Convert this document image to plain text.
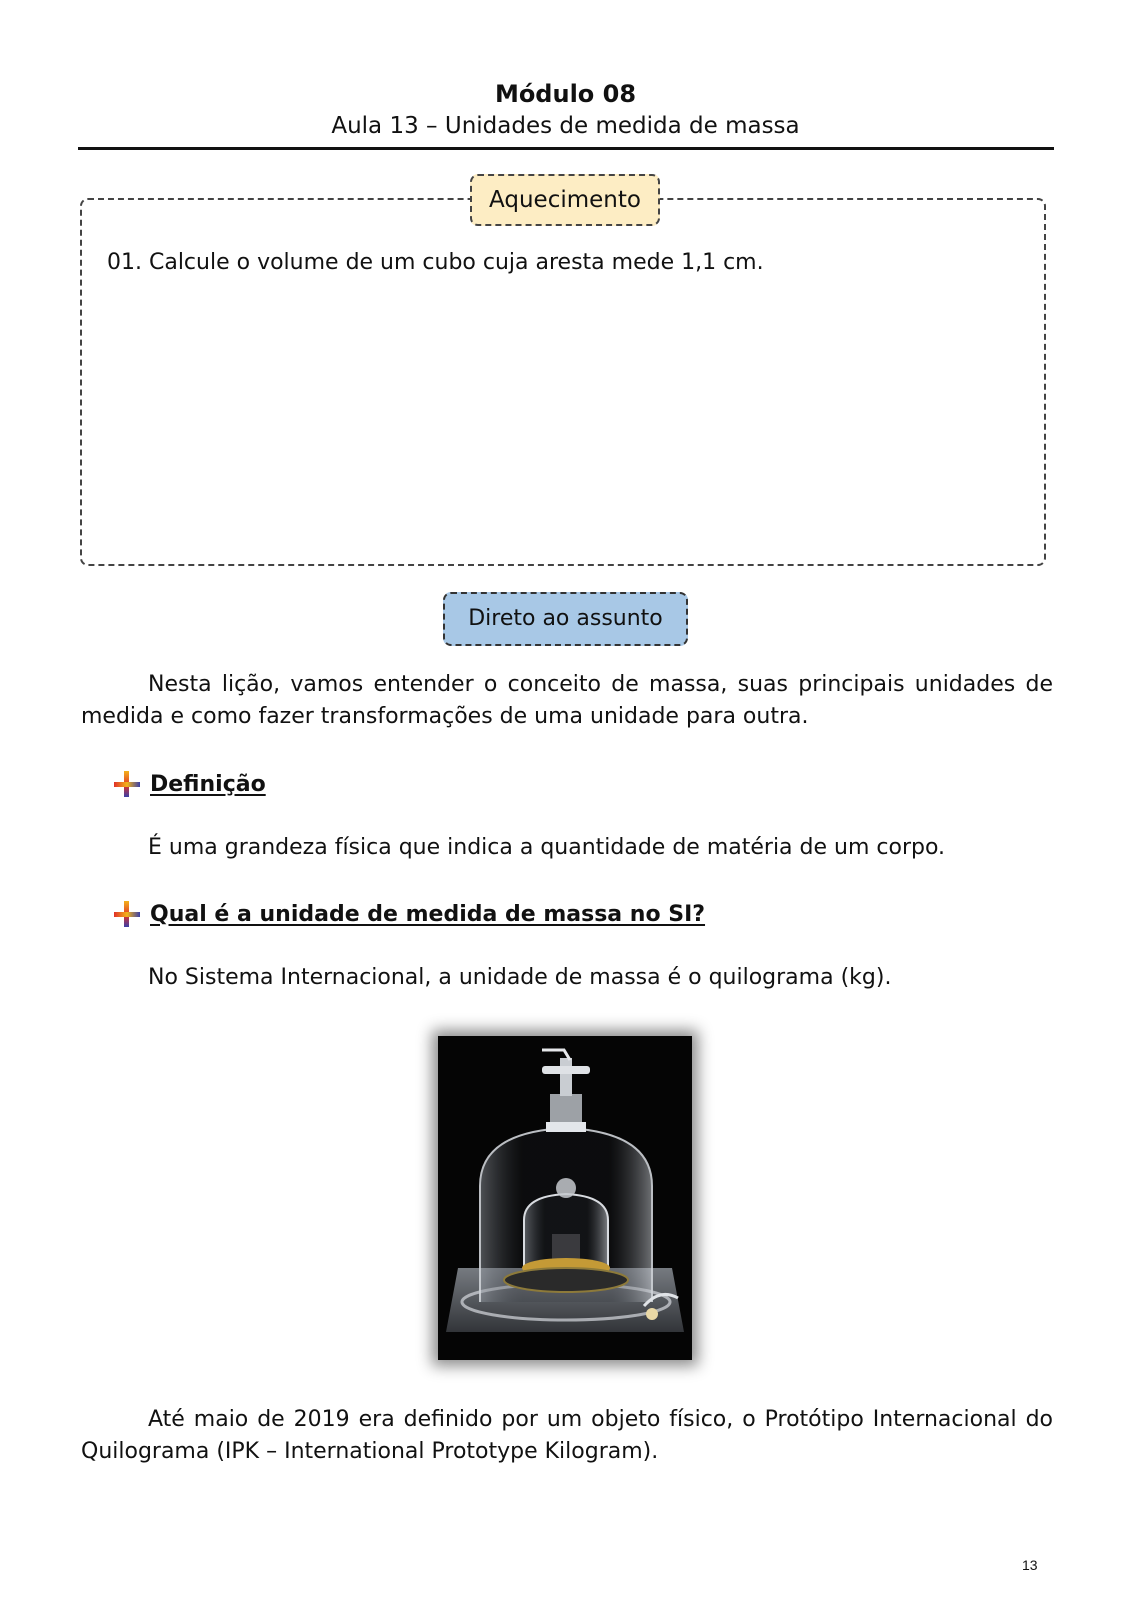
Módulo 08
Aula 13 – Unidades de medida de massa
Aquecimento
01. Calcule o volume de um cubo cuja aresta mede 1,1 cm.
Direto ao assunto
Nesta lição, vamos entender o conceito de massa, suas principais unidades de medida e como fazer transformações de uma unidade para outra.
Definição
É uma grandeza física que indica a quantidade de matéria de um corpo.
Qual é a unidade de medida de massa no SI?
No Sistema Internacional, a unidade de massa é o quilograma (kg).
Até maio de 2019 era definido por um objeto físico, o Protótipo Internacional do Quilograma (IPK – International Prototype Kilogram).
13
